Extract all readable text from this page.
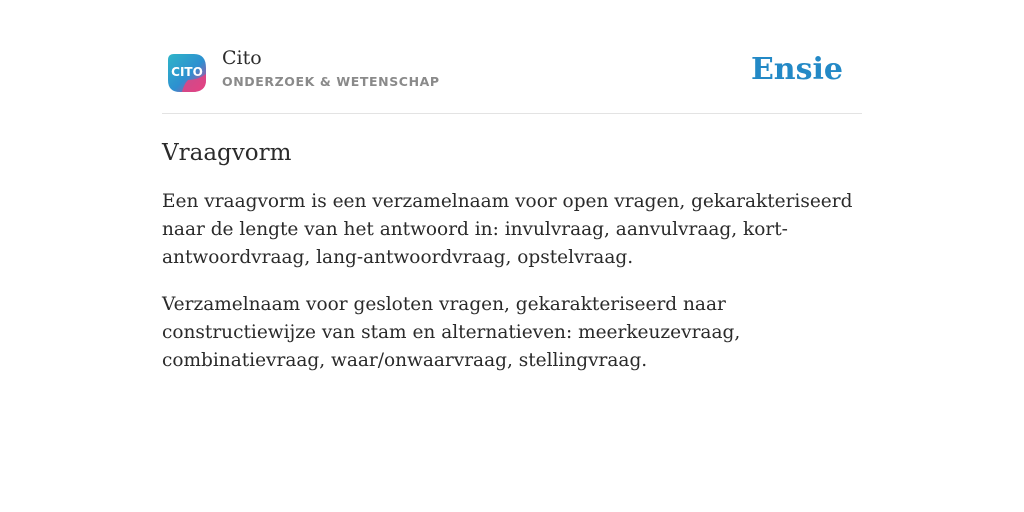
CITO
Cito
ONDERZOEK & WETENSCHAP	Ensie
Vraagvorm

Een vraagvorm is een verzamelnaam voor open vragen, gekarakteriseerd naar de lengte van het antwoord in: invulvraag, aanvulvraag, kort-antwoordvraag, lang-antwoordvraag, opstelvraag.

Verzamelnaam voor gesloten vragen, gekarakteriseerd naar constructiewijze van stam en alternatieven: meerkeuzevraag, combinatievraag, waar/onwaarvraag, stellingvraag.
